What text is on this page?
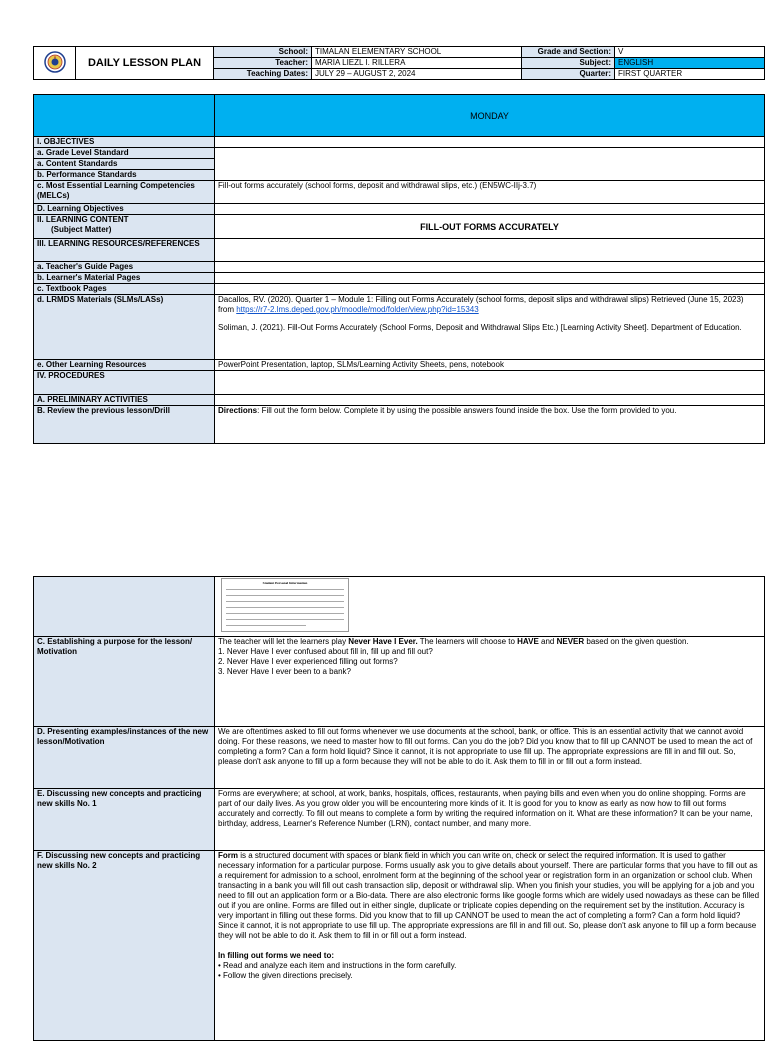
	DAILY LESSON PLAN	School:	TIMALAN ELEMENTARY SCHOOL	Grade and Section:	V
		Teacher:	MARIA LIEZL I. RILLERA	Subject:	ENGLISH
		Teaching Dates:	JULY 29 – AUGUST 2, 2024	Quarter:	FIRST QUARTER
	MONDAY
I. OBJECTIVES	
a. Grade Level Standard	
a. Content Standards	
b. Performance Standards	
c. Most Essential Learning Competencies (MELCs)	Fill-out forms accurately (school forms, deposit and withdrawal slips, etc.) (EN5WC-IIj-3.7)
D. Learning Objectives	

II. LEARNING CONTENT

(Subject Matter)	FILL-OUT FORMS ACCURATELY
III. LEARNING RESOURCES/REFERENCES	
a. Teacher's Guide Pages	
b. Learner's Material Pages	
c. Textbook Pages	
d. LRMDS Materials (SLMs/LASs)	Dacallos, RV. (2020). Quarter 1 – Module 1: Filling out Forms Accurately (school forms, deposit slips and withdrawal slips) Retrieved (June 15, 2023) from https://r7-2.lms.deped.gov.ph/moodle/mod/folder/view.php?id=15343

Soliman, J. (2021). Fill-Out Forms Accurately (School Forms, Deposit and Withdrawal Slips Etc.) [Learning Activity Sheet]. Department of Education.

e. Other Learning Resources	PowerPoint Presentation, laptop, SLMs/Learning Activity Sheets, pens, notebook
IV. PROCEDURES	
A. PRELIMINARY ACTIVITIES	
B. Review the previous lesson/Drill	Directions: Fill out the form below. Complete it by using the possible answers found inside the box. Use the form provided to you.

	Student Personal Information

C. Establishing a purpose for the lesson/ Motivation	The teacher will let the learners play Never Have I Ever. The learners will choose to HAVE and NEVER based on the given question.

1. Never Have I ever confused about fill in, fill up and fill out?

2. Never Have I ever experienced filling out forms?

3. Never Have I ever been to a bank?

D. Presenting examples/instances of the new lesson/Motivation	We are oftentimes asked to fill out forms whenever we use documents at the school, bank, or office. This is an essential activity that we cannot avoid doing. For these reasons, we need to master how to fill out forms. Can you do the job? Did you know that to fill up CANNOT be used to mean the act of completing a form? Can a form hold liquid? Since it cannot, it is not appropriate to use fill up. The appropriate expressions are fill in and fill out. So, please don't ask anyone to fill up a form because they will not be able to do it. Ask them to fill in or fill out a form instead.
E. Discussing new concepts and practicing new skills No. 1	Forms are everywhere; at school, at work, banks, hospitals, offices, restaurants, when paying bills and even when you do online shopping. Forms are part of our daily lives. As you grow older you will be encountering more kinds of it. It is good for you to know as early as now how to fill out forms accurately and correctly. To fill out means to complete a form by writing the required information on it. What are these information? It can be your name, birthday, address, Learner's Reference Number (LRN), contact number, and many more.
F. Discussing new concepts and practicing new skills No. 2	Form is a structured document with spaces or blank field in which you can write on, check or select the required information. It is used to gather necessary information for a particular purpose. Forms usually ask you to give details about yourself. There are particular forms that you have to fill out as a requirement for admission to a school, enrolment form at the beginning of the school year or registration form in an organization or school club. When transacting in a bank you will fill out cash transaction slip, deposit or withdrawal slip. When you finish your studies, you will be applying for a job and you need to fill out an application form or a Bio-data. There are also electronic forms like google forms which are widely used nowadays as these can be filled out if you are online. Forms are filled out in either single, duplicate or triplicate copies depending on the requirement set by the institution. Accuracy is very important in filling out these forms. Did you know that to fill up CANNOT be used to mean the act of completing a form? Can a form hold liquid? Since it cannot, it is not appropriate to use fill up. The appropriate expressions are fill in and fill out. So, please don't ask anyone to fill up a form because they will not be able to do it. Ask them to fill in or fill out a form instead.

In filling out forms we need to:

• Read and analyze each item and instructions in the form carefully.

• Follow the given directions precisely.
